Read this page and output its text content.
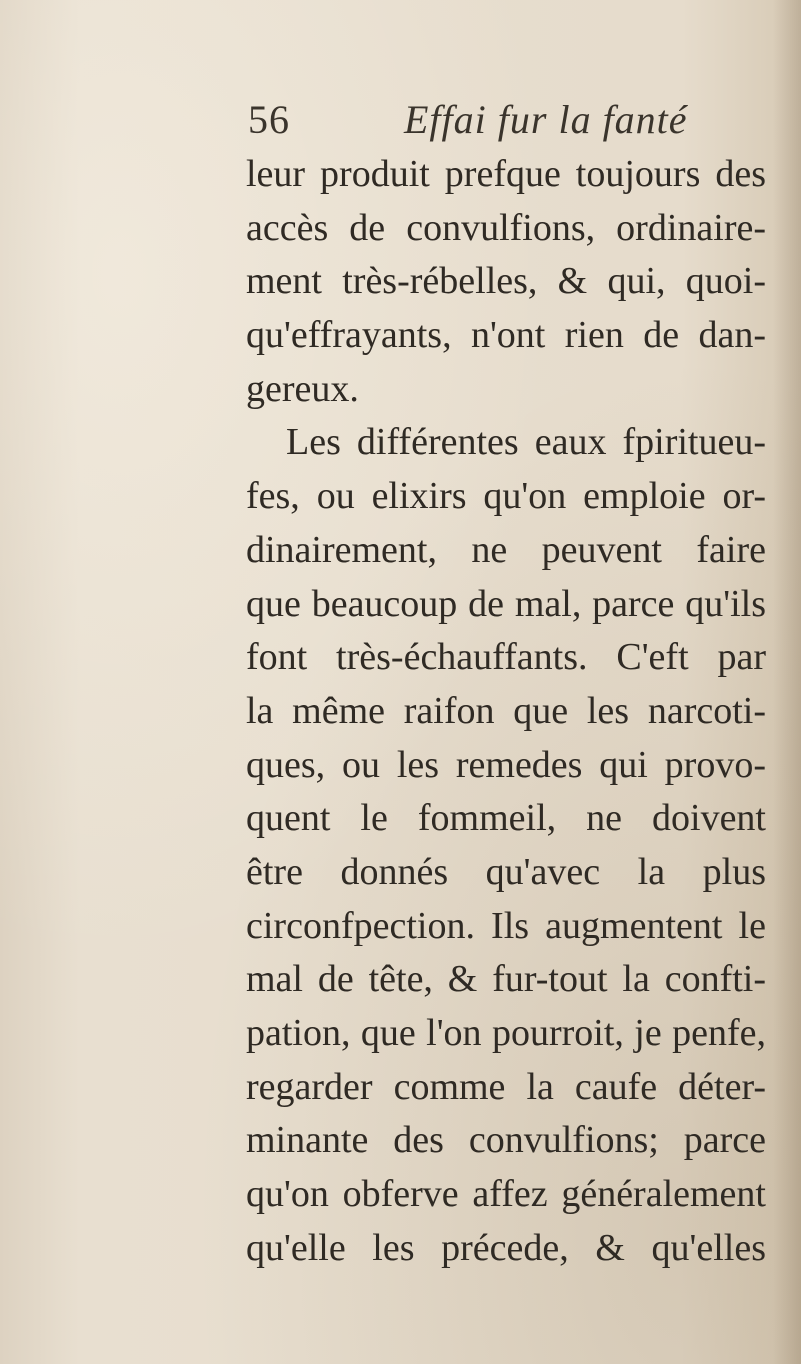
56	Effai fur la fanté
leur produit prefque toujours des
accès de convulfions, ordinaire-
ment très-rébelles, & qui, quoi-
qu'effrayants, n'ont rien de dan-
gereux.
Les différentes eaux fpiritueu-
fes, ou elixirs qu'on emploie or-
dinairement, ne peuvent faire
que beaucoup de mal, parce qu'ils
font très-échauffants. C'eft par
la même raifon que les narcoti-
ques, ou les remedes qui provo-
quent le fommeil, ne doivent
être donnés qu'avec la plus
circonfpection. Ils augmentent le
mal de tête, & fur-tout la confti-
pation, que l'on pourroit, je penfe,
regarder comme la caufe déter-
minante des convulfions; parce
qu'on obferve affez généralement
qu'elle les précede, & qu'elles
